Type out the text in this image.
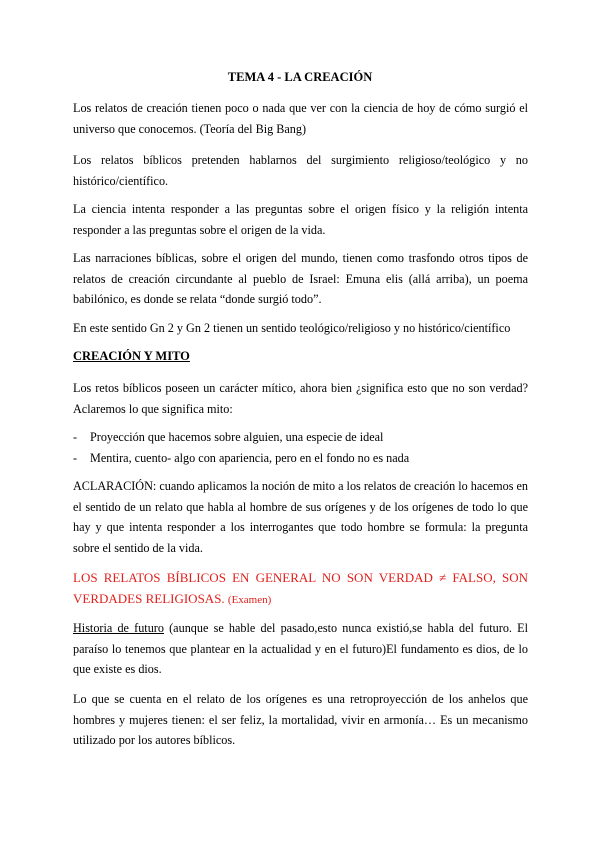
TEMA 4 - LA CREACIÓN

Los relatos de creación tienen poco o nada que ver con la ciencia de hoy de cómo surgió el universo que conocemos. (Teoría del Big Bang)

Los relatos bíblicos pretenden hablarnos del surgimiento religioso/teológico y no histórico/científico.

La ciencia intenta responder a las preguntas sobre el origen físico y la religión intenta responder a las preguntas sobre el origen de la vida.

Las narraciones bíblicas, sobre el origen del mundo, tienen como trasfondo otros tipos de relatos de creación circundante al pueblo de Israel: Emuna elis (allá arriba), un poema babilónico, es donde se relata “donde surgió todo”.

En este sentido Gn 2 y Gn 2 tienen un sentido teológico/religioso y no histórico/científico

CREACIÓN Y MITO

Los retos bíblicos poseen un carácter mítico, ahora bien ¿significa esto que no son verdad? Aclaremos lo que significa mito:

- Proyección que hacemos sobre alguien, una especie de ideal
- Mentira, cuento- algo con apariencia, pero en el fondo no es nada

ACLARACIÓN: cuando aplicamos la noción de mito a los relatos de creación lo hacemos en el sentido de un relato que habla al hombre de sus orígenes y de los orígenes de todo lo que hay y que intenta responder a los interrogantes que todo hombre se formula: la pregunta sobre el sentido de la vida.

LOS RELATOS BÍBLICOS EN GENERAL NO SON VERDAD ≠ FALSO, SON VERDADES RELIGIOSAS. (Examen)

Historia de futuro (aunque se hable del pasado,esto nunca existió,se habla del futuro. El paraíso lo tenemos que plantear en la actualidad y en el futuro)El fundamento es dios, de lo que existe es dios.

Lo que se cuenta en el relato de los orígenes es una retroproyección de los anhelos que hombres y mujeres tienen: el ser feliz, la mortalidad, vivir en armonía… Es un mecanismo utilizado por los autores bíblicos.
